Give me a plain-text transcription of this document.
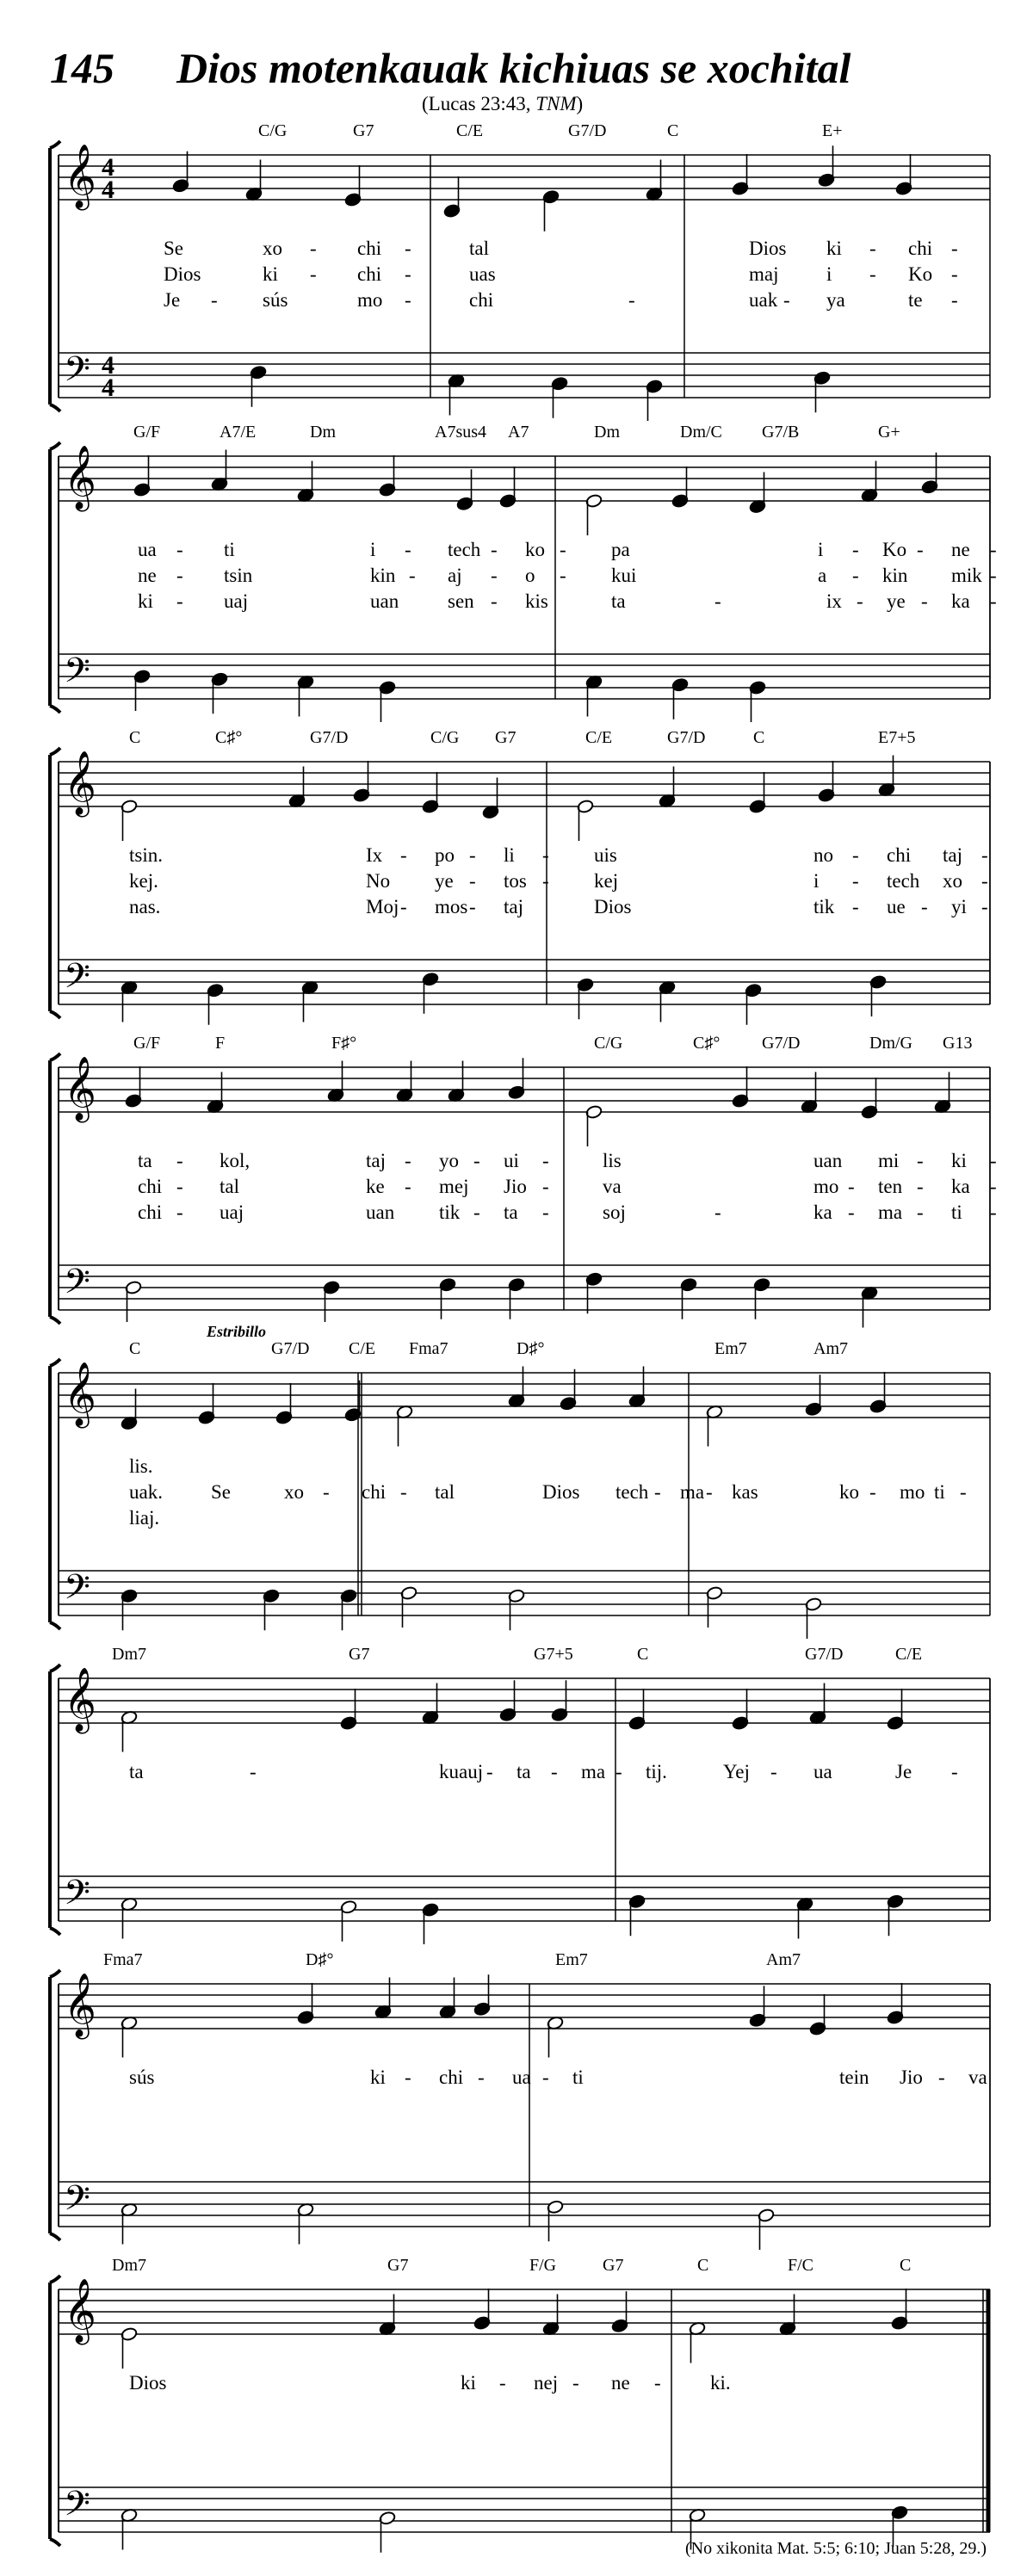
145 Dios motenkauak kichiuas se xochital
(Lucas 23:43, TNM)
𝄞
𝄢
4
4
4
4
C/G	G7	C/E	G7/D	C	E+
Se	xo - chi -	tal	Dios ki - chi -
Dios	ki - chi -	uas	maj i - Ko -
Je - sús	mo -	chi	-	uak - ya	te -
𝄞
𝄢
G/F	A7/E	Dm	A7sus4 A7	Dm	Dm/C G7/B	G+
ua - ti	i - tech - ko - pa	i - Ko - ne -
ne - tsin	kin - aj - o - kui	a - kin mik -
ki - uaj	uan sen - kis	ta	-	ix - ye - ka -
𝄞
𝄢
C	C♯°	G7/D	C/G G7	C/E	G7/D	C	E7+5
tsin.	Ix - po - li - uis	no - chi taj -
kej.	No ye - tos - kej	i - tech xo -
nas.	Moj - mos - taj	Dios	tik - ue - yi -
𝄞
𝄢
G/F	F	F♯°	C/G	C♯° G7/D	Dm/G G13
ta - kol,	taj - yo - ui -	lis	uan mi - ki -
chi - tal	ke - mej Jio -	va	mo - ten - ka -
chi - uaj	uan tik - ta -	soj	-	ka - ma - ti -
𝄞
𝄢
Estribillo
C	G7/D C/E Fma7	D♯°	Em7	Am7
lis.
uak. Se	xo - chi - tal	Dios tech - ma - kas	ko - mo ti -
liaj.
𝄞
𝄢
Dm7	G7	G7+5	C	G7/D	C/E
ta	-	kuauj - ta - ma - tij.	Yej - ua	Je -
𝄞
𝄢
Fma7	D♯°	Em7	Am7
sús	ki - chi - ua - ti	tein Jio - va
𝄞
𝄢
Dm7	G7	F/G	G7	C	F/C	C
Dios	ki - nej - ne - ki.
(No xikonita Mat. 5:5; 6:10; Juan 5:28, 29.)
